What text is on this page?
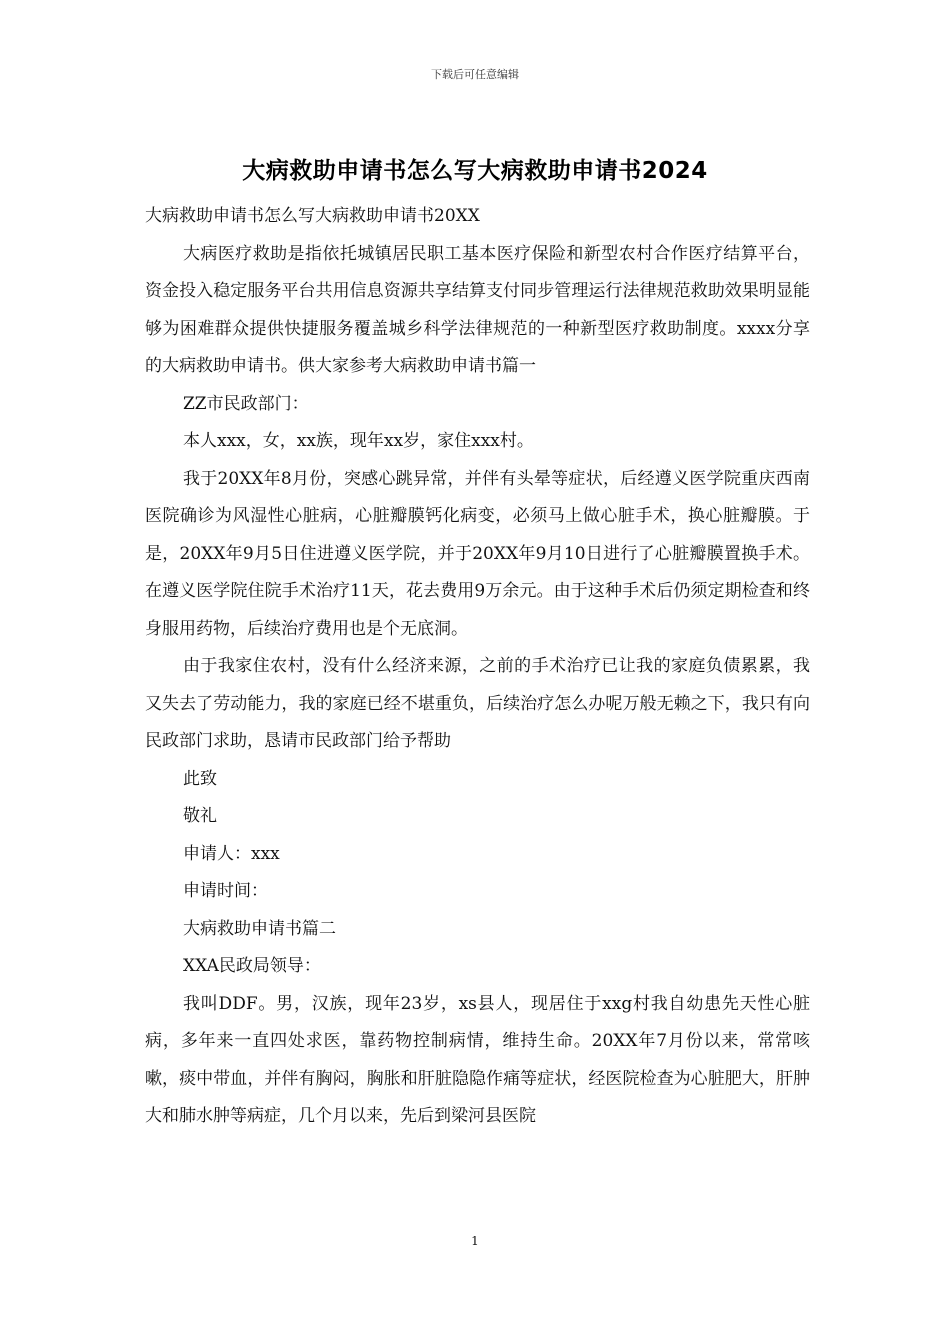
下载后可任意编辑
大病救助申请书怎么写大病救助申请书2024

大病救助申请书怎么写大病救助申请书20XX

大病医疗救助是指依托城镇居民职工基本医疗保险和新型农村合作医疗结算平台，资金投入稳定服务平台共用信息资源共享结算支付同步管理运行法律规范救助效果明显能够为困难群众提供快捷服务覆盖城乡科学法律规范的一种新型医疗救助制度。xxxx分享的大病救助申请书。供大家参考大病救助申请书篇一

ZZ市民政部门：

本人xxx，女，xx族，现年xx岁，家住xxx村。

我于20XX年8月份，突感心跳异常，并伴有头晕等症状，后经遵义医学院重庆西南医院确诊为风湿性心脏病，心脏瓣膜钙化病变，必须马上做心脏手术，换心脏瓣膜。于是，20XX年9月5日住进遵义医学院，并于20XX年9月10日进行了心脏瓣膜置换手术。在遵义医学院住院手术治疗11天，花去费用9万余元。由于这种手术后仍须定期检查和终身服用药物，后续治疗费用也是个无底洞。

由于我家住农村，没有什么经济来源，之前的手术治疗已让我的家庭负债累累，我又失去了劳动能力，我的家庭已经不堪重负，后续治疗怎么办呢万般无赖之下，我只有向民政部门求助，恳请市民政部门给予帮助

此致

敬礼

申请人：xxx

申请时间：

大病救助申请书篇二

XXA民政局领导：

我叫DDF。男，汉族，现年23岁，xs县人，现居住于xxg村我自幼患先天性心脏病，多年来一直四处求医，靠药物控制病情，维持生命。20XX年7月份以来，常常咳嗽，痰中带血，并伴有胸闷，胸胀和肝脏隐隐作痛等症状，经医院检查为心脏肥大，肝肿大和肺水肿等病症，几个月以来，先后到梁河县医院

1
